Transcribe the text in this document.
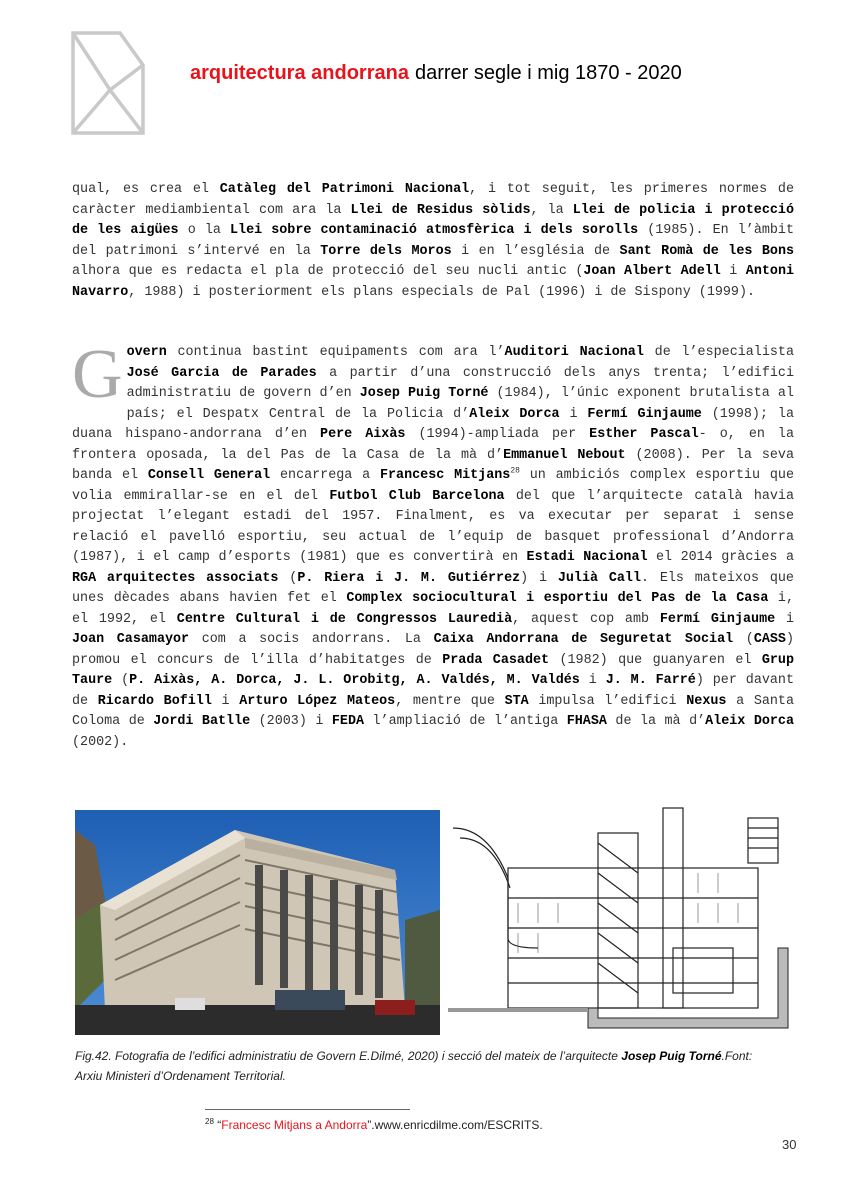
arquitectura andorrana darrer segle i mig 1870 - 2020
qual, es crea el Catàleg del Patrimoni Nacional, i tot seguit, les primeres normes de caràcter mediambiental com ara la Llei de Residus sòlids, la Llei de policia i protecció de les aigües o la Llei sobre contaminació atmosfèrica i dels sorolls (1985). En l’àmbit del patrimoni s’intervé en la Torre dels Moros i en l’església de Sant Romà de les Bons alhora que es redacta el pla de protecció del seu nucli antic (Joan Albert Adell i Antoni Navarro, 1988) i posteriorment els plans especials de Pal (1996) i de Sispony (1999).
Govern continua bastint equipaments com ara l’Auditori Nacional de l’especialista José Garcia de Parades a partir d’una construcció dels anys trenta; l’edifici administratiu de govern d’en Josep Puig Torné (1984), l’únic exponent brutalista al país; el Despatx Central de la Policia d’Aleix Dorca i Fermí Ginjaume (1998); la duana hispano-andorrana d’en Pere Aixàs (1994)-ampliada per Esther Pascal- o, en la frontera oposada, la del Pas de la Casa de la mà d’Emmanuel Nebout (2008). Per la seva banda el Consell General encarrega a Francesc Mitjans$^{28}$ un ambiciós complex esportiu que volia emmirallar-se en el del Futbol Club Barcelona del que l’arquitecte català havia projectat l’elegant estadi del 1957. Finalment, es va executar per separat i sense relació el pavelló esportiu, seu actual de l’equip de basquet professional d’Andorra (1987), i el camp d’esports (1981) que es convertirà en Estadi Nacional el 2014 gràcies a RGA arquitectes associats (P. Riera i J. M. Gutiérrez) i Julià Call. Els mateixos que unes dècades abans havien fet el Complex sociocultural i esportiu del Pas de la Casa i, el 1992, el Centre Cultural i de Congressos Lauredià, aquest cop amb Fermí Ginjaume i Joan Casamayor com a socis andorrans. La Caixa Andorrana de Seguretat Social (CASS) promou el concurs de l’illa d’habitatges de Prada Casadet (1982) que guanyaren el Grup Taure (P. Aixàs, A. Dorca, J. L. Orobitg, A. Valdés, M. Valdés i J. M. Farré) per davant de Ricardo Bofill i Arturo López Mateos, mentre que STA impulsa l’edifici Nexus a Santa Coloma de Jordi Batlle (2003) i FEDA l’ampliació de l’antiga FHASA de la mà d’Aleix Dorca (2002).
Fig.42. Fotografia de l’edifici administratiu de Govern E.Dilmé, 2020) i secció del mateix de l’arquitecte Josep Puig Torné.Font: Arxiu Ministeri d’Ordenament Territorial.
$^{28}$ “Francesc Mitjans a Andorra”.www.enricdilme.com/ESCRITS.
30
